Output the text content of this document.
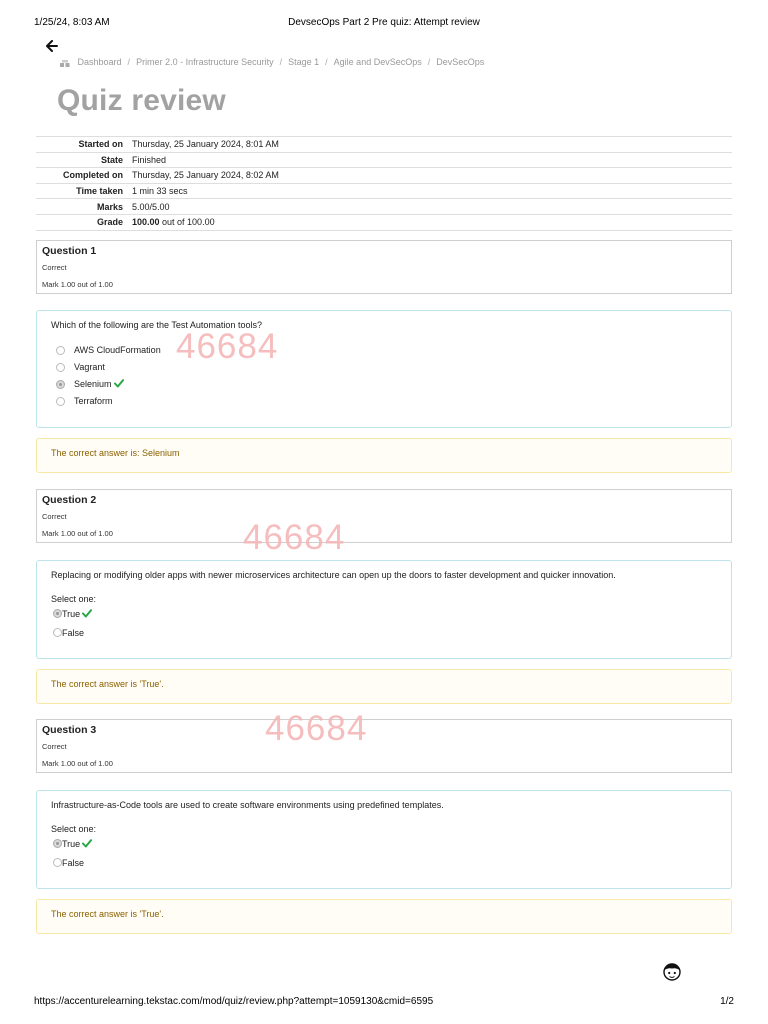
1/25/24, 8:03 AM	DevsecOps Part 2 Pre quiz: Attempt review
Dashboard / Primer 2.0 - Infrastructure Security / Stage 1 / Agile and DevSecOps / DevSecOps
Quiz review
Started on	Thursday, 25 January 2024, 8:01 AM
State	Finished
Completed on	Thursday, 25 January 2024, 8:02 AM
Time taken	1 min 33 secs
Marks	5.00/5.00
Grade	100.00 out of 100.00
Question 1
Correct
Mark 1.00 out of 1.00
Which of the following are the Test Automation tools?
AWS CloudFormation
Vagrant
Selenium
Terraform
The correct answer is: Selenium
Question 2
Correct
Mark 1.00 out of 1.00
Replacing or modifying older apps with newer microservices architecture can open up the doors to faster development and quicker innovation.
Select one:
True
False
The correct answer is 'True'.
Question 3
Correct
Mark 1.00 out of 1.00
Infrastructure-as-Code tools are used to create software environments using predefined templates.
Select one:
True
False
The correct answer is 'True'.
46684
46684
46684
https://accenturelearning.tekstac.com/mod/quiz/review.php?attempt=1059130&cmid=6595	1/2
